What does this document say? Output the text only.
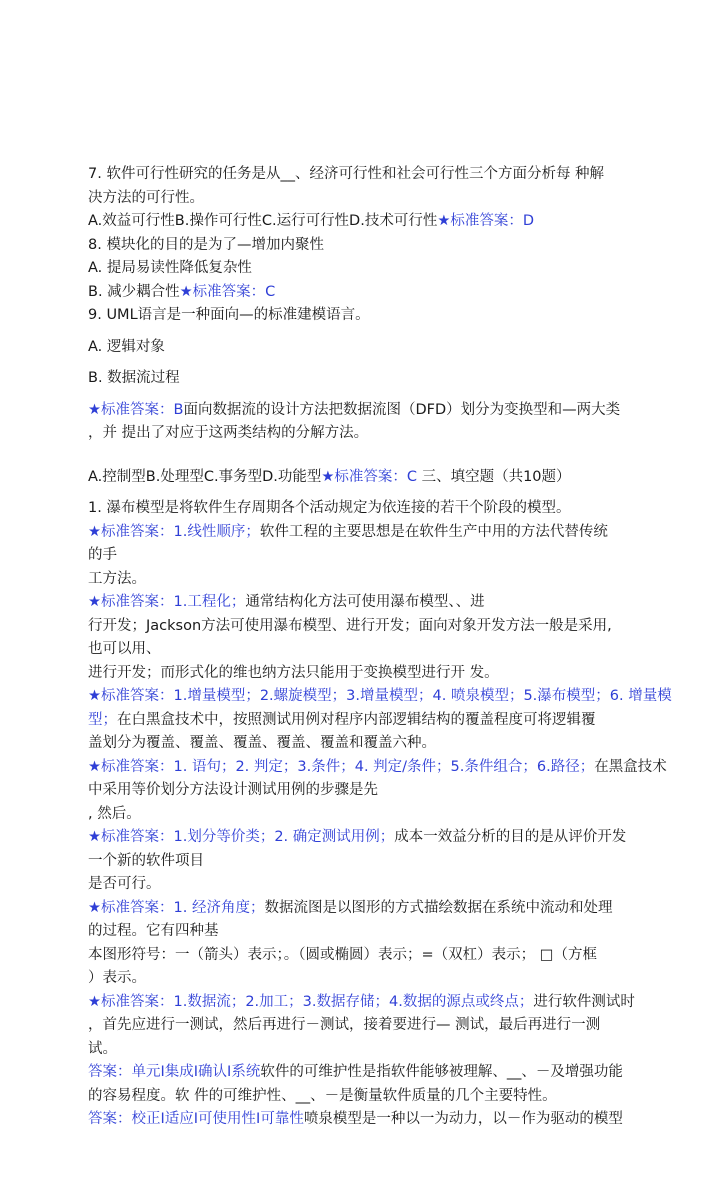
7. 软件可行性研究的任务是从__、经济可行性和社会可行性三个方面分析每 种解
决方法的可行性。
A.效益可行性B.操作可行性C.运行可行性D.技术可行性★标准答案：D
8. 模块化的目的是为了—增加内聚性
A. 提局易读性降低复杂性
B. 减少耦合性★标准答案：C
9. UML语言是一种面向—的标准建模语言。
A. 逻辑对象
B. 数据流过程
★标准答案：B面向数据流的设计方法把数据流图（DFD）划分为变换型和—两大类
，并 提出了对应于这两类结构的分解方法。
A.控制型B.处理型C.事务型D.功能型★标准答案：C 三、填空题（共10题）
1. 瀑布模型是将软件生存周期各个活动规定为依连接的若干个阶段的模型。
★标准答案：1.线性顺序；软件工程的主要思想是在软件生产中用的方法代替传统
的手
工方法。
★标准答案：1.工程化；通常结构化方法可使用瀑布模型、、进
行开发；Jackson方法可使用瀑布模型、进行开发；面向对象开发方法一般是采用,
也可以用、
进行开发；而形式化的维也纳方法只能用于变换模型进行开 发。
★标准答案：1.增量模型；2.螺旋模型；3.增量模型；4. 喷泉模型；5.瀑布模型；6. 增量模
型；在白黑盒技术中，按照测试用例对程序内部逻辑结构的覆盖程度可将逻辑覆
盖划分为覆盖、覆盖、覆盖、覆盖、覆盖和覆盖六种。
★标准答案：1. 语句；2. 判定；3.条件；4. 判定/条件；5.条件组合；6.路径；在黑盒技术
中采用等价划分方法设计测试用例的步骤是先
, 然后。
★标准答案：1.划分等价类；2. 确定测试用例；成本一效益分析的目的是从评价开发
一个新的软件项目
是否可行。
★标准答案：1. 经济角度；数据流图是以图形的方式描绘数据在系统中流动和处理
的过程。它有四种基
本图形符号：一（箭头）表示；。（圆或椭圆）表示；=（双杠）表示； □（方框
）表示。
★标准答案：1.数据流；2.加工；3.数据存储；4.数据的源点或终点；进行软件测试时
，首先应进行一测试，然后再进行－测试，接着要进行— 测试，最后再进行一测
试。
答案：单元I集成I确认I系统软件的可维护性是指软件能够被理解、__、－及增强功能
的容易程度。软 件的可维护性、__、－是衡量软件质量的几个主要特性。
答案：校正I适应I可使用性I可靠性喷泉模型是一种以一为动力，以－作为驱动的模型
